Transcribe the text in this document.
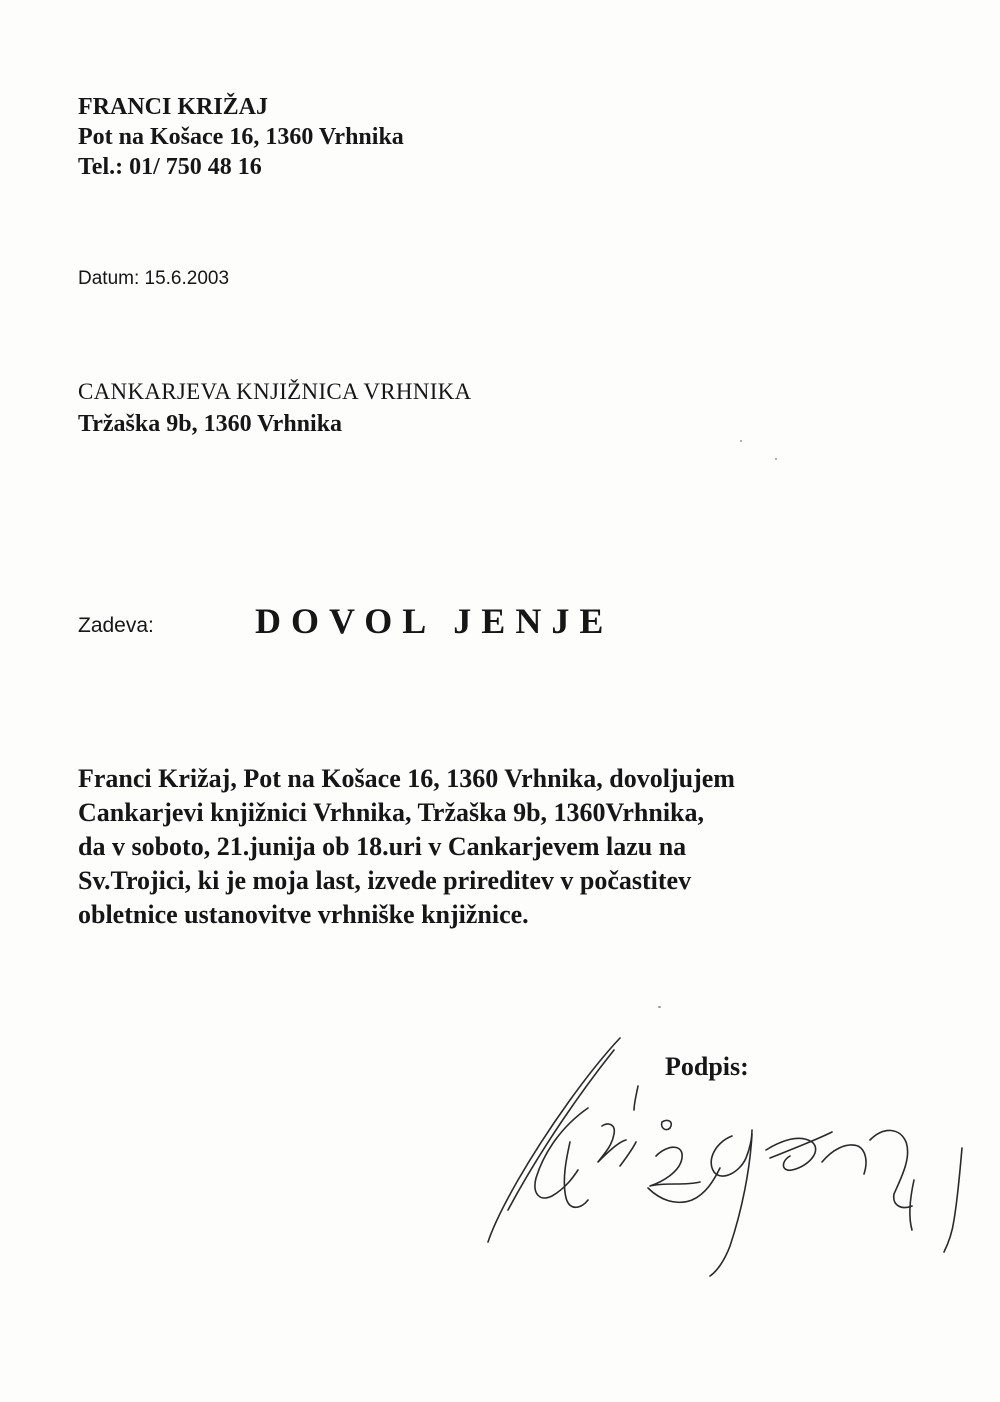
FRANCI KRIŽAJ
Pot na Košace 16, 1360 Vrhnika
Tel.: 01/ 750 48 16
Datum: 15.6.2003
CANKARJEVA KNJIŽNICA VRHNIKA
Tržaška 9b, 1360 Vrhnika
Zadeva:	DOVOL JENJE
Franci Križaj, Pot na Košace 16, 1360 Vrhnika, dovoljujem
Cankarjevi knjižnici Vrhnika, Tržaška 9b, 1360Vrhnika,
da v soboto, 21.junija ob 18.uri v Cankarjevem lazu na
Sv.Trojici, ki je moja last, izvede prireditev v počastitev
obletnice ustanovitve vrhniške knjižnice.
Podpis:
